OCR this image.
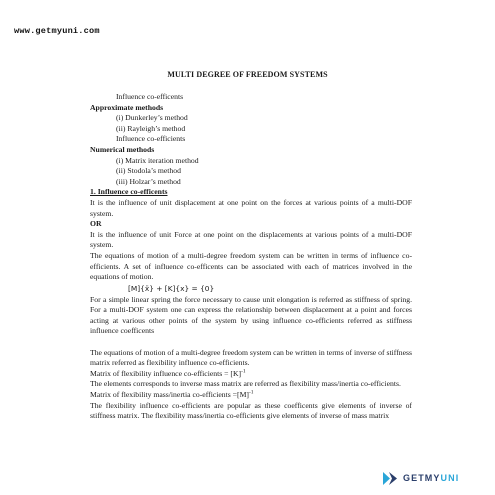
www.getmyuni.com
MULTI DEGREE OF FREEDOM SYSTEMS

Influence co-efficents

Approximate methods

(i) Dunkerley’s method

(ii) Rayleigh’s method

Influence co-efficients

Numerical methods

(i) Matrix iteration method

(ii) Stodola’s method

(iii) Holzar’s method

1. Influence co-efficents

It is the influence of unit displacement at one point on the forces at various points of a multi-DOF system.

OR

It is the influence of unit Force at one point on the displacements at various points of a multi-DOF system.

The equations of motion of a multi-degree freedom system can be written in terms of influence co-efficients. A set of influence co-efficents can be associated with each of matrices involved in the equations of motion.

[M]{ẍ} + [K]{x} = {0}

For a simple linear spring the force necessary to cause unit elongation is referred as stiffness of spring. For a multi-DOF system one can express the relationship between displacement at a point and forces acting at various other points of the system by using influence co-efficients referred as stiffness influence coefficents

The equations of motion of a multi-degree freedom system can be written in terms of inverse of stiffness matrix referred as flexibility influence co-efficients.

Matrix of flexibility influence co-efficients = $[K]^{-1}$

The elements corresponds to inverse mass matrix are referred as flexibility mass/inertia co-efficients.

Matrix of flexibility mass/inertia co-efficients $=[M]^{-1}$

The flexibility influence co-efficients are popular as these coefficents give elements of inverse of stiffness matrix. The flexibility mass/inertia co-efficients give elements of inverse of mass matrix

GETMYUNI
